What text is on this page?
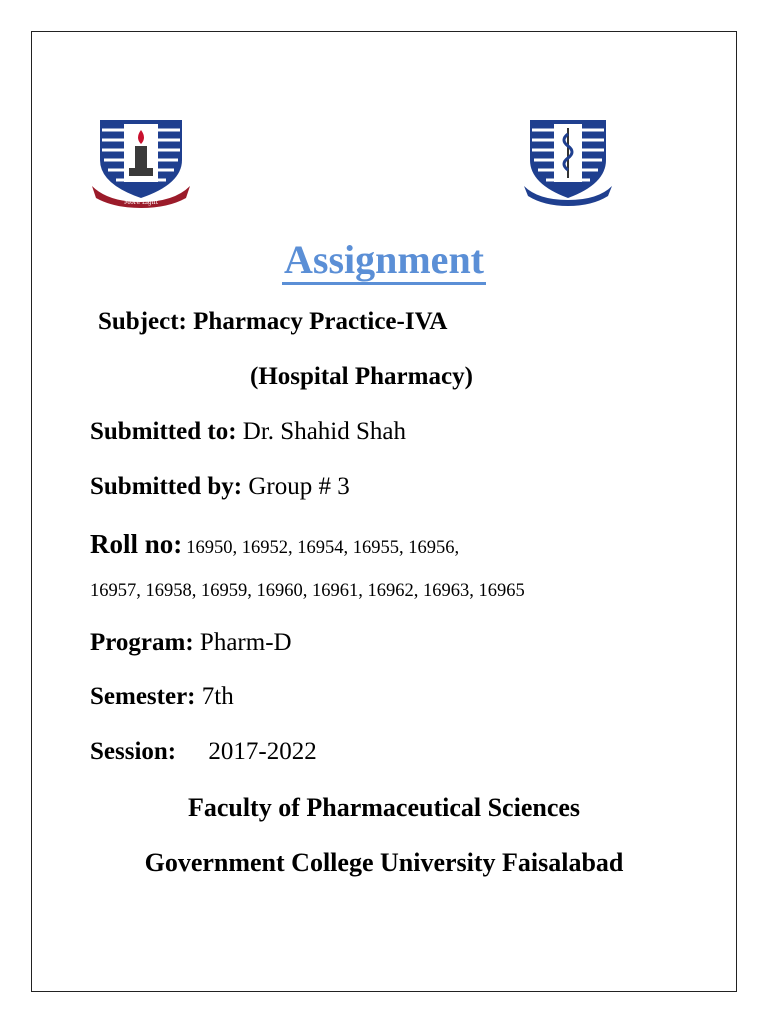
More Light
Assignment
Subject: Pharmacy Practice-IVA
(Hospital Pharmacy)
Submitted to: Dr. Shahid Shah
Submitted by: Group # 3
Roll no: 16950, 16952, 16954, 16955, 16956,
16957, 16958, 16959, 16960, 16961, 16962, 16963, 16965
Program: Pharm-D
Semester: 7th
Session: 2017-2022
Faculty of Pharmaceutical Sciences
Government College University Faisalabad
